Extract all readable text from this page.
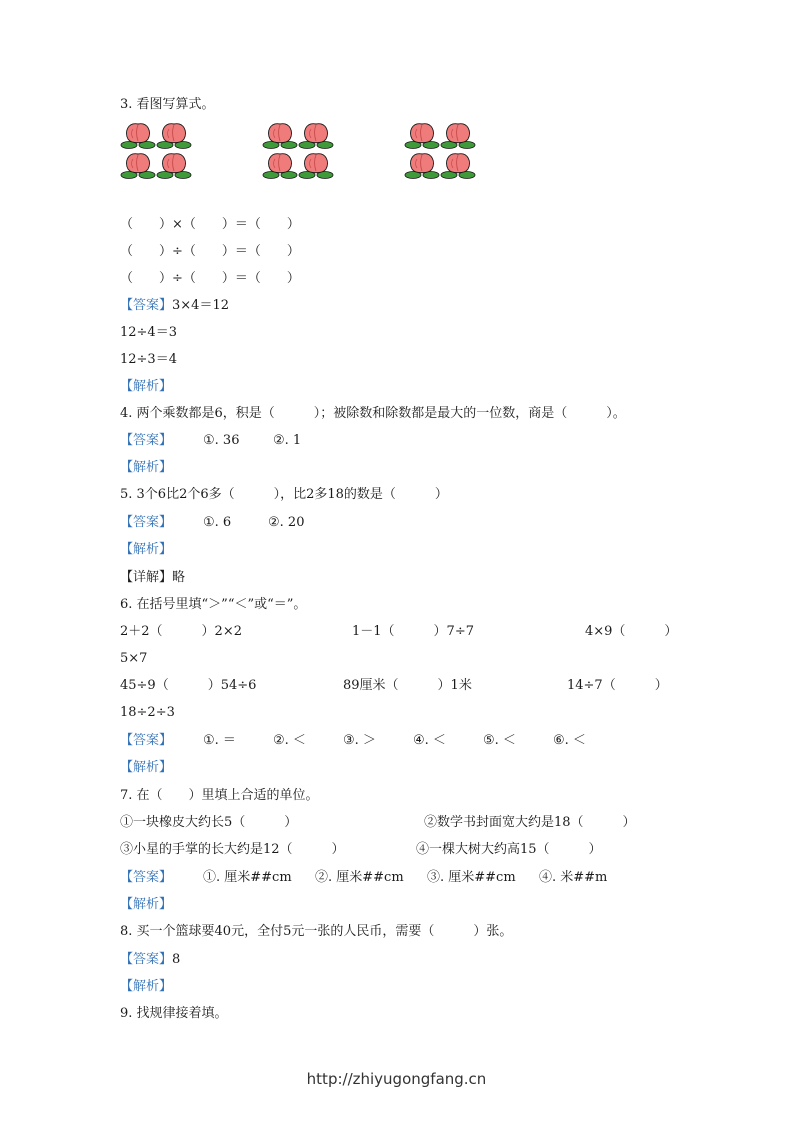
3. 看图写算式。
（　　）×（　　）＝（　　）
（　　）÷（　　）＝（　　）
（　　）÷（　　）＝（　　）
【答案】3×4＝12
12÷4＝3
12÷3＝4
【解析】
4. 两个乘数都是6，积是（　　　）；被除数和除数都是最大的一位数，商是（　　　）。
【答案】 ①. 36	②. 1
【解析】
5. 3个6比2个6多（　　　），比2多18的数是（　　　）
【答案】 ①. 6	②. 20
【解析】
【详解】略
6. 在括号里填“＞”“＜”或“＝”。
2＋2（　　　）2×2	1－1（　　　）7÷7	4×9（　　　）
5×7
45÷9（　　　）54÷6	89厘米（　　　）1米	14÷7（　　　）
18÷2÷3
【答案】 ①. ＝	②. ＜	③. ＞	④. ＜	⑤. ＜	⑥. ＜
【解析】
7. 在（　　）里填上合适的单位。
①一块橡皮大约长5（　　　）	②数学书封面宽大约是18（　　　）
③小星的手掌的长大约是12（　　　）	④一棵大树大约高15（　　　）
【答案】 ①. 厘米##cm ②. 厘米##cm ③. 厘米##cm ④. 米##m
【解析】
8. 买一个篮球要40元，全付5元一张的人民币，需要（　　　）张。
【答案】8
【解析】
9. 找规律接着填。
http://zhiyugongfang.cn
